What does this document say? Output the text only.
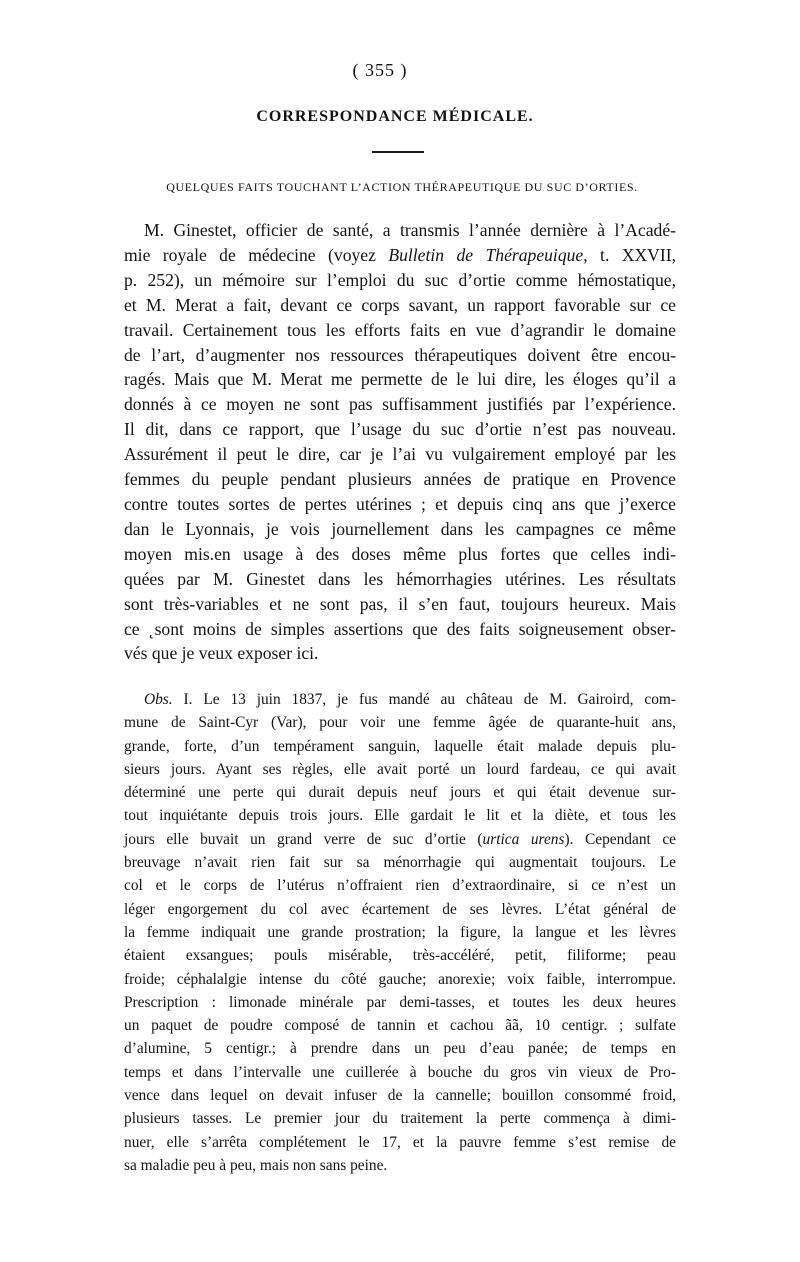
( 355 )
CORRESPONDANCE MÉDICALE.
QUELQUES FAITS TOUCHANT L’ACTION THÉRAPEUTIQUE DU SUC D’ORTIES.
M. Ginestet, officier de santé, a transmis l’année dernière à l’Acadé-
mie royale de médecine (voyez Bulletin de Thérapeuique, t. XXVII,
p. 252), un mémoire sur l’emploi du suc d’ortie comme hémostatique,
et M. Merat a fait, devant ce corps savant, un rapport favorable sur ce
travail. Certainement tous les efforts faits en vue d’agrandir le domaine
de l’art, d’augmenter nos ressources thérapeutiques doivent être encou-
ragés. Mais que M. Merat me permette de le lui dire, les éloges qu’il a
donnés à ce moyen ne sont pas suffisamment justifiés par l’expérience.
Il dit, dans ce rapport, que l’usage du suc d’ortie n’est pas nouveau.
Assurément il peut le dire, car je l’ai vu vulgairement employé par les
femmes du peuple pendant plusieurs années de pratique en Provence
contre toutes sortes de pertes utérines ; et depuis cinq ans que j’exerce
dan le Lyonnais, je vois journellement dans les campagnes ce même
moyen mis.en usage à des doses même plus fortes que celles indi-
quées par M. Ginestet dans les hémorrhagies utérines. Les résultats
sont très-variables et ne sont pas, il s’en faut, toujours heureux. Mais
ce ˛sont moins de simples assertions que des faits soigneusement obser-
vés que je veux exposer ici.
Obs. I. Le 13 juin 1837, je fus mandé au château de M. Gairoird, com-
mune de Saint-Cyr (Var), pour voir une femme âgée de quarante-huit ans,
grande, forte, d’un tempérament sanguin, laquelle était malade depuis plu-
sieurs jours. Ayant ses règles, elle avait porté un lourd fardeau, ce qui avait
déterminé une perte qui durait depuis neuf jours et qui était devenue sur-
tout inquiétante depuis trois jours. Elle gardait le lit et la diète, et tous les
jours elle buvait un grand verre de suc d’ortie (urtica urens). Cependant ce
breuvage n’avait rien fait sur sa ménorrhagie qui augmentait toujours. Le
col et le corps de l’utérus n’offraient rien d’extraordinaire, si ce n’est un
léger engorgement du col avec écartement de ses lèvres. L’état général de
la femme indiquait une grande prostration; la figure, la langue et les lèvres
étaient exsangues; pouls misérable, très-accéléré, petit, filiforme; peau
froide; céphalalgie intense du côté gauche; anorexie; voix faible, interrompue.
Prescription : limonade minérale par demi-tasses, et toutes les deux heures
un paquet de poudre composé de tannin et cachou ãã, 10 centigr. ; sulfate
d’alumine, 5 centigr.; à prendre dans un peu d’eau panée; de temps en
temps et dans l’intervalle une cuillerée à bouche du gros vin vieux de Pro-
vence dans lequel on devait infuser de la cannelle; bouillon consommé froid,
plusieurs tasses. Le premier jour du traitement la perte commença à dimi-
nuer, elle s’arrêta complétement le 17, et la pauvre femme s’est remise de
sa maladie peu à peu, mais non sans peine.
